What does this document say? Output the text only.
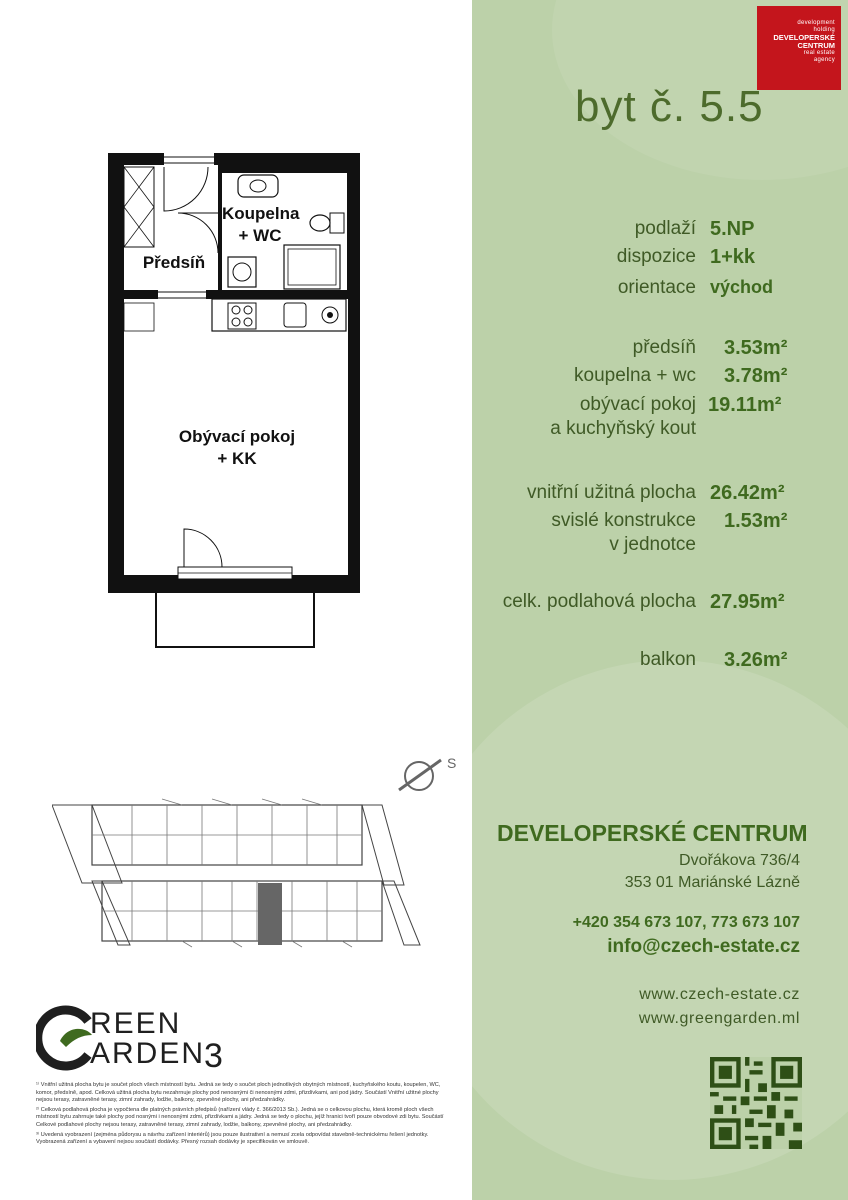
Koupelna
+ WC
Předsíň
Obývací pokoj
+ KK
S
REEN
ARDEN
3

¹⁾ Vnitřní užitná plocha bytu je součet ploch všech místností bytu. Jedná se tedy o součet ploch jednotlivých obytných místností, kuchyňského koutu, koupelen, WC, komor, předsíně, apod. Celková užitná plocha bytu nezahrnuje plochy pod nenosnými či nenosnými zdmi, přizdívkami, ani pod jádry. Součástí Vnitřní užitné plochy nejsou terasy, zatravněné terasy, zimní zahrady, lodžie, balkony, zpevněné plochy, ani předzahrádky.

²⁾ Celková podlahová plocha je vypočtena dle platných právních předpisů (nařízení vlády č. 366/2013 Sb.). Jedná se o celkovou plochu, která kromě ploch všech místností bytu zahrnuje také plochy pod nosnými i nenosnými zdmi, přizdívkami a jádry. Jedná se tedy o plochu, jejíž hranici tvoří pouze obvodové zdi bytu. Součástí Celkové podlahové plochy nejsou terasy, zatravněné terasy, zimní zahrady, lodžie, balkony, zpevněné plochy, ani předzahrádky.

³⁾ Uvedená vyobrazení (zejména půdorysu a návrhu zařízení interiérů) jsou pouze ilustrativní a nemusí zcela odpovídat stavebně-technickému řešení jednotky. Vyobrazená zařízení a vybavení nejsou součástí dodávky. Přesný rozsah dodávky je specifikován ve smlouvě.

development
holding
DEVELOPERSKÉ
CENTRUM
real estate
agency
byt č. 5.5
podlaží 5.NP
dispozice 1+kk
orientace východ
předsíň 3.53m²
koupelna + wc 3.78m²
obývací pokoj
a kuchyňský kout
19.11m²
vnitřní užitná plocha 26.42m²
svislé konstrukce
v jednotce
1.53m²
celk. podlahová plocha 27.95m²
balkon 3.26m²
DEVELOPERSKÉ CENTRUM
Dvořákova 736/4
353 01 Mariánské Lázně
+420 354 673 107, 773 673 107
info@czech-estate.cz
www.czech-estate.cz
www.greengarden.ml
